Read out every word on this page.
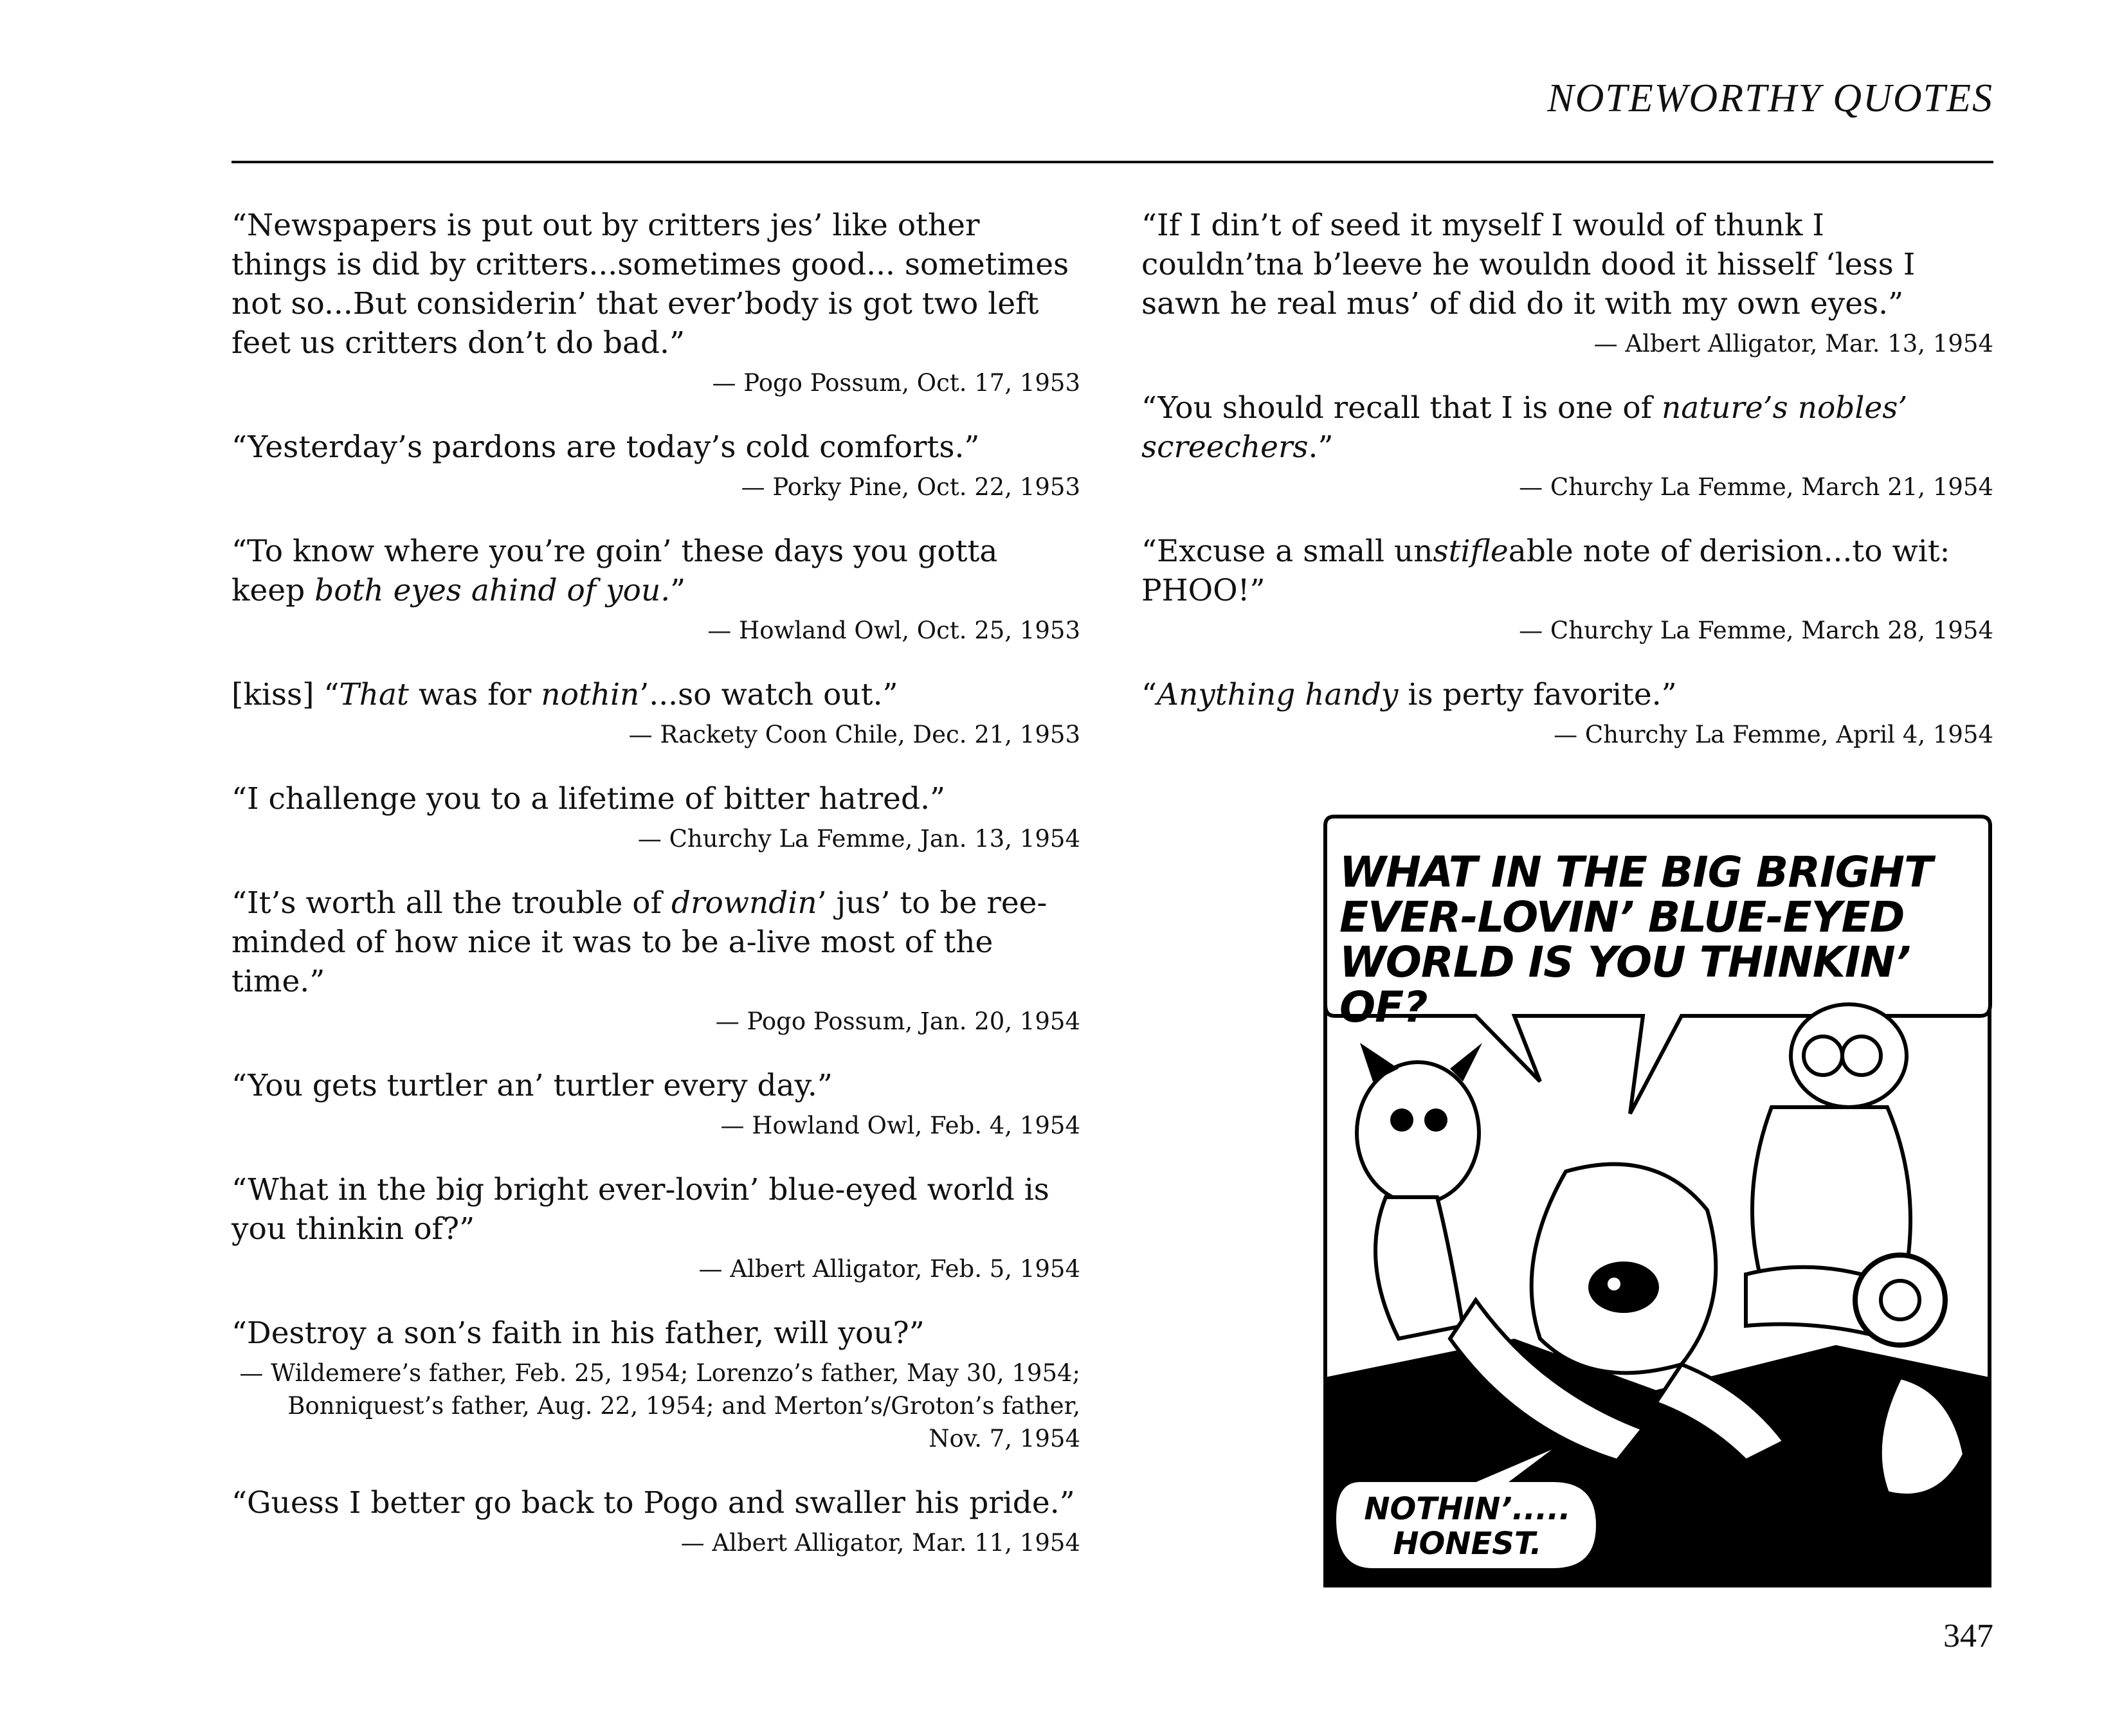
NOTEWORTHY QUOTES

“Newspapers is put out by critters jes’ like other things is did by critters...sometimes good... sometimes not so...But considerin’ that ever’body is got two left feet us critters don’t do bad.”

— Pogo Possum, Oct. 17, 1953

“Yesterday’s pardons are today’s cold comforts.”

— Porky Pine, Oct. 22, 1953

“To know where you’re goin’ these days you gotta keep both eyes ahind of you.”

— Howland Owl, Oct. 25, 1953

[kiss] “That was for nothin’...so watch out.”

— Rackety Coon Chile, Dec. 21, 1953

“I challenge you to a lifetime of bitter hatred.”

— Churchy La Femme, Jan. 13, 1954

“It’s worth all the trouble of drowndin’ jus’ to be ree-minded of how nice it was to be a-live most of the time.”

— Pogo Possum, Jan. 20, 1954

“You gets turtler an’ turtler every day.”

— Howland Owl, Feb. 4, 1954

“What in the big bright ever-lovin’ blue-eyed world is you thinkin of?”

— Albert Alligator, Feb. 5, 1954

“Destroy a son’s faith in his father, will you?”

— Wildemere’s father, Feb. 25, 1954; Lorenzo’s father, May 30, 1954; Bonniquest’s father, Aug. 22, 1954; and Merton’s/Groton’s father, Nov. 7, 1954

“Guess I better go back to Pogo and swaller his pride.”

— Albert Alligator, Mar. 11, 1954

“If I din’t of seed it myself I would of thunk I couldn’tna b’leeve he wouldn dood it hisself ‘less I sawn he real mus’ of did do it with my own eyes.”

— Albert Alligator, Mar. 13, 1954

“You should recall that I is one of nature’s nobles’ screechers.”

— Churchy La Femme, March 21, 1954

“Excuse a small unstifleable note of derision...to wit: PHOO!”

— Churchy La Femme, March 28, 1954

“Anything handy is perty favorite.”

— Churchy La Femme, April 4, 1954

WHAT IN THE BIG BRIGHT EVER-LOVIN’ BLUE-EYED WORLD IS YOU THINKIN’ OF?
NOTHIN’..... HONEST.
347
